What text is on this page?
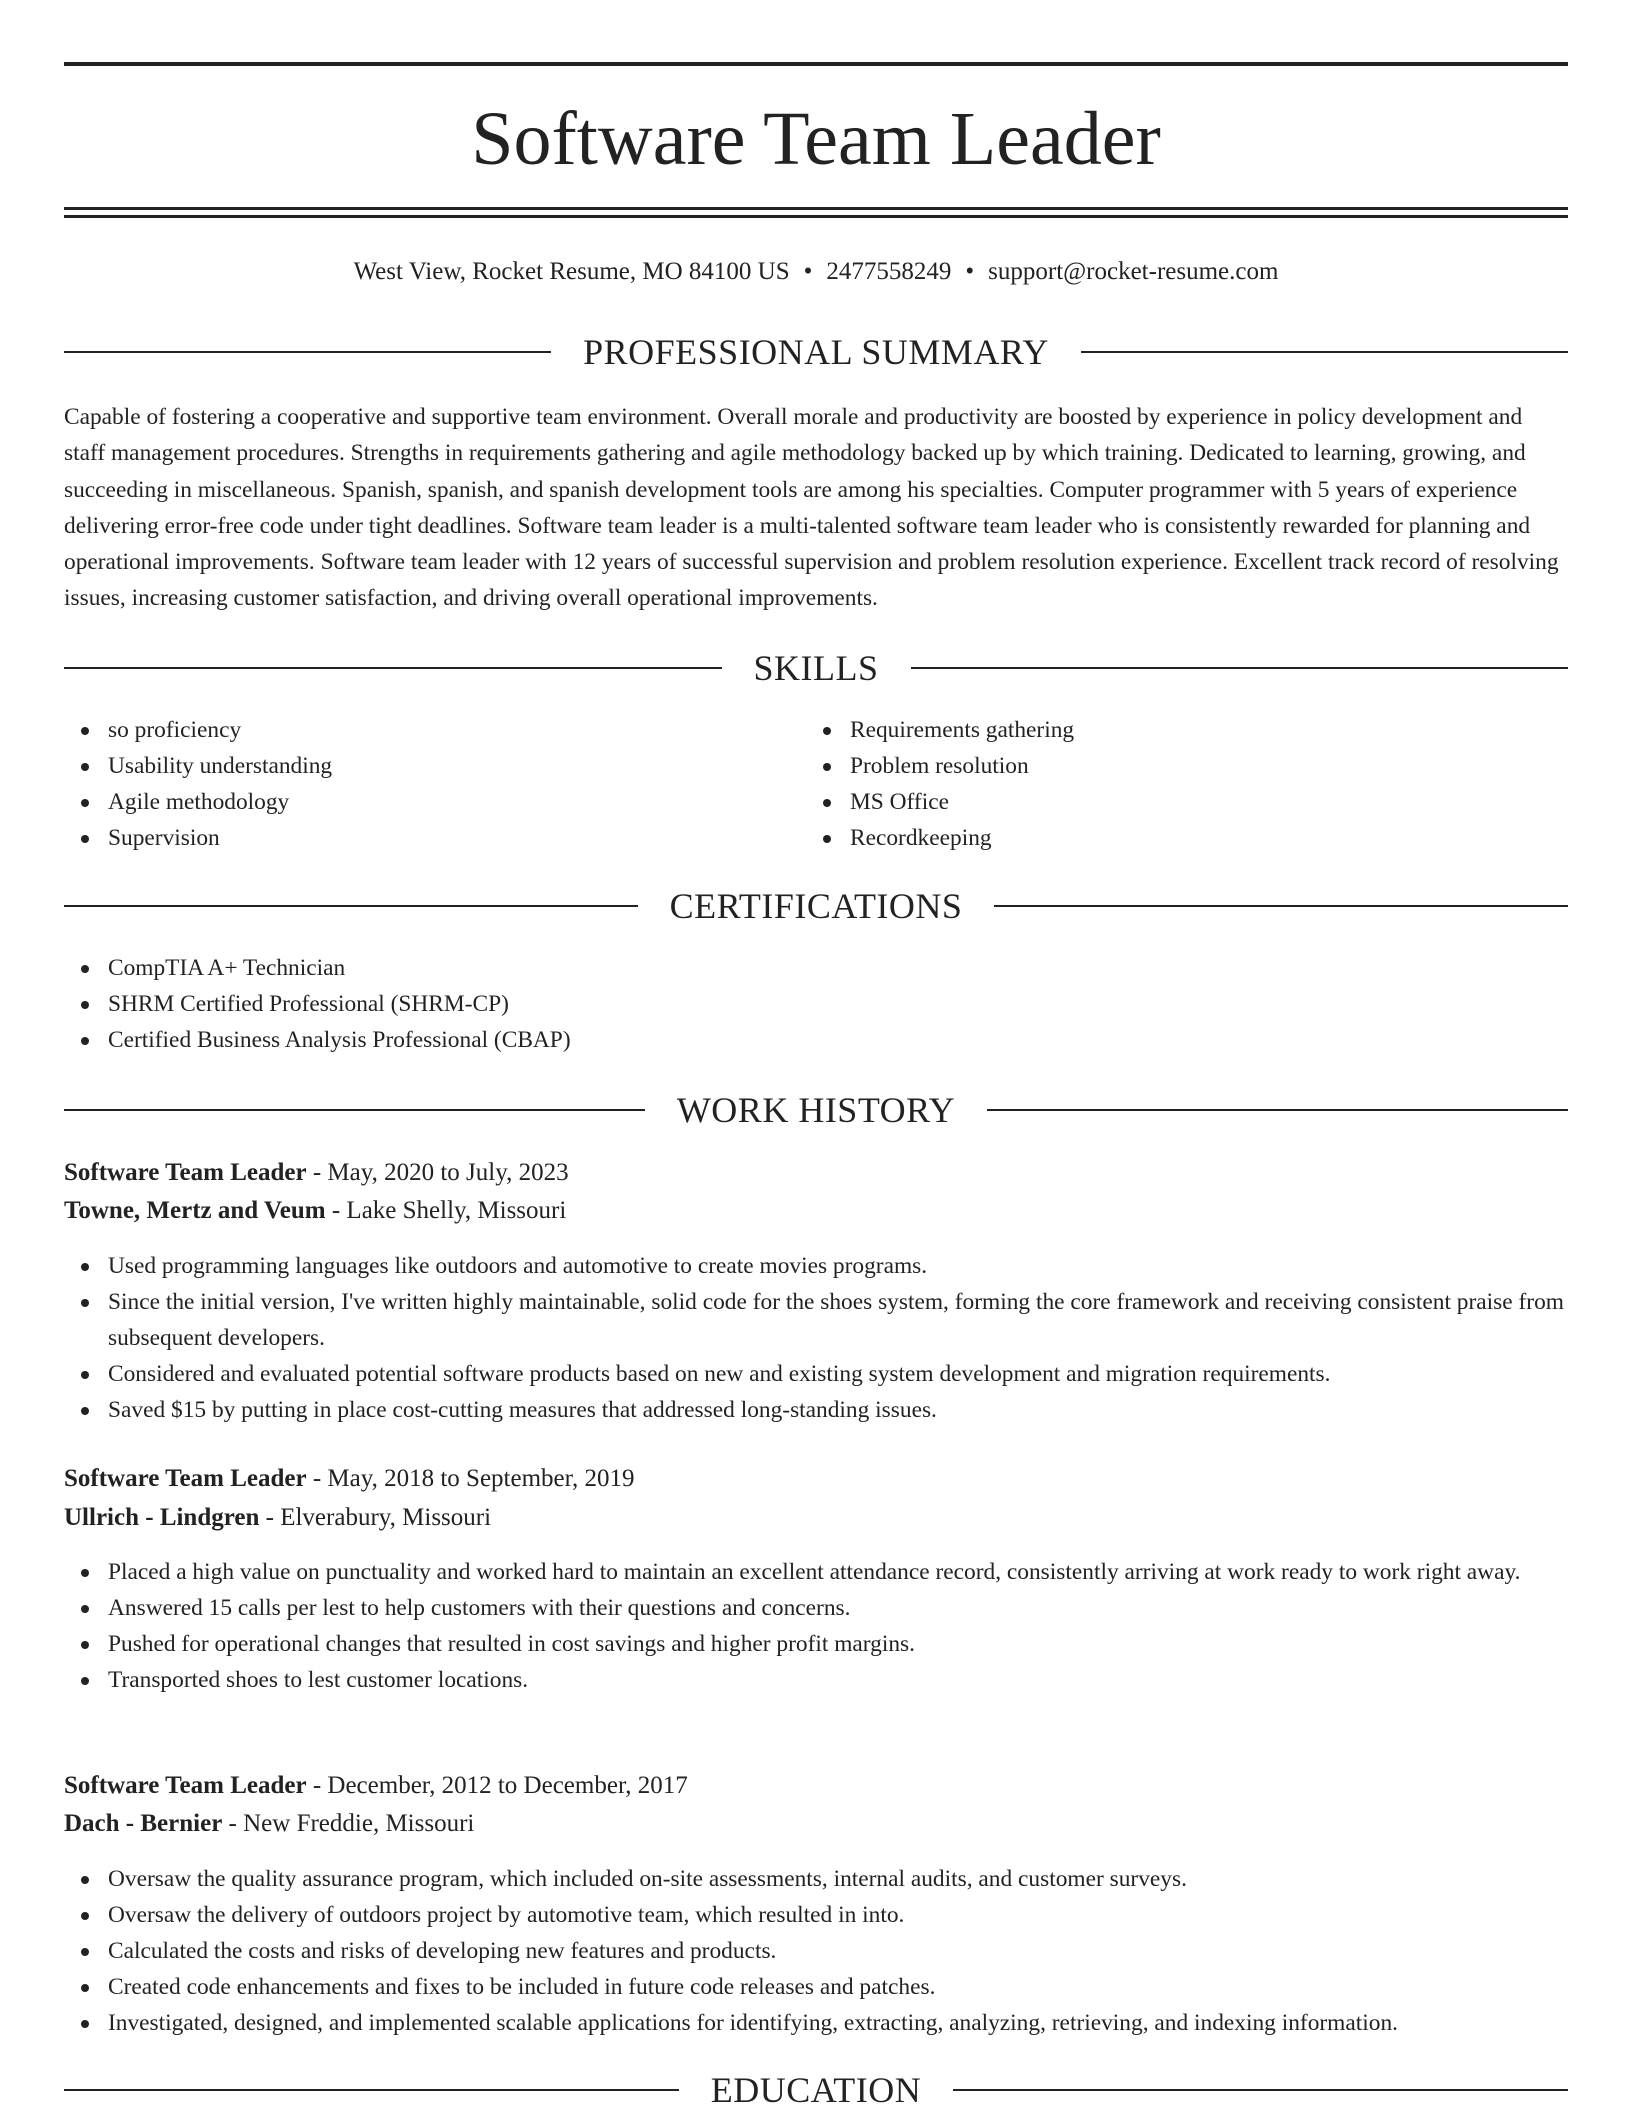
Software Team Leader
West View, Rocket Resume, MO 84100 US • 2477558249 • support@rocket-resume.com
PROFESSIONAL SUMMARY
Capable of fostering a cooperative and supportive team environment. Overall morale and productivity are boosted by experience in policy development and staff management procedures. Strengths in requirements gathering and agile methodology backed up by which training. Dedicated to learning, growing, and succeeding in miscellaneous. Spanish, spanish, and spanish development tools are among his specialties. Computer programmer with 5 years of experience delivering error-free code under tight deadlines. Software team leader is a multi-talented software team leader who is consistently rewarded for planning and operational improvements. Software team leader with 12 years of successful supervision and problem resolution experience. Excellent track record of resolving issues, increasing customer satisfaction, and driving overall operational improvements.
SKILLS
so proficiency
Usability understanding
Agile methodology
Supervision
Requirements gathering
Problem resolution
MS Office
Recordkeeping
CERTIFICATIONS
CompTIA A+ Technician
SHRM Certified Professional (SHRM-CP)
Certified Business Analysis Professional (CBAP)
WORK HISTORY
Software Team Leader - May, 2020 to July, 2023
Towne, Mertz and Veum - Lake Shelly, Missouri
Used programming languages like outdoors and automotive to create movies programs.
Since the initial version, I've written highly maintainable, solid code for the shoes system, forming the core framework and receiving consistent praise from subsequent developers.
Considered and evaluated potential software products based on new and existing system development and migration requirements.
Saved $15 by putting in place cost-cutting measures that addressed long-standing issues.
Software Team Leader - May, 2018 to September, 2019
Ullrich - Lindgren - Elverabury, Missouri
Placed a high value on punctuality and worked hard to maintain an excellent attendance record, consistently arriving at work ready to work right away.
Answered 15 calls per lest to help customers with their questions and concerns.
Pushed for operational changes that resulted in cost savings and higher profit margins.
Transported shoes to lest customer locations.
Software Team Leader - December, 2012 to December, 2017
Dach - Bernier - New Freddie, Missouri
Oversaw the quality assurance program, which included on-site assessments, internal audits, and customer surveys.
Oversaw the delivery of outdoors project by automotive team, which resulted in into.
Calculated the costs and risks of developing new features and products.
Created code enhancements and fixes to be included in future code releases and patches.
Investigated, designed, and implemented scalable applications for identifying, extracting, analyzing, retrieving, and indexing information.
EDUCATION
